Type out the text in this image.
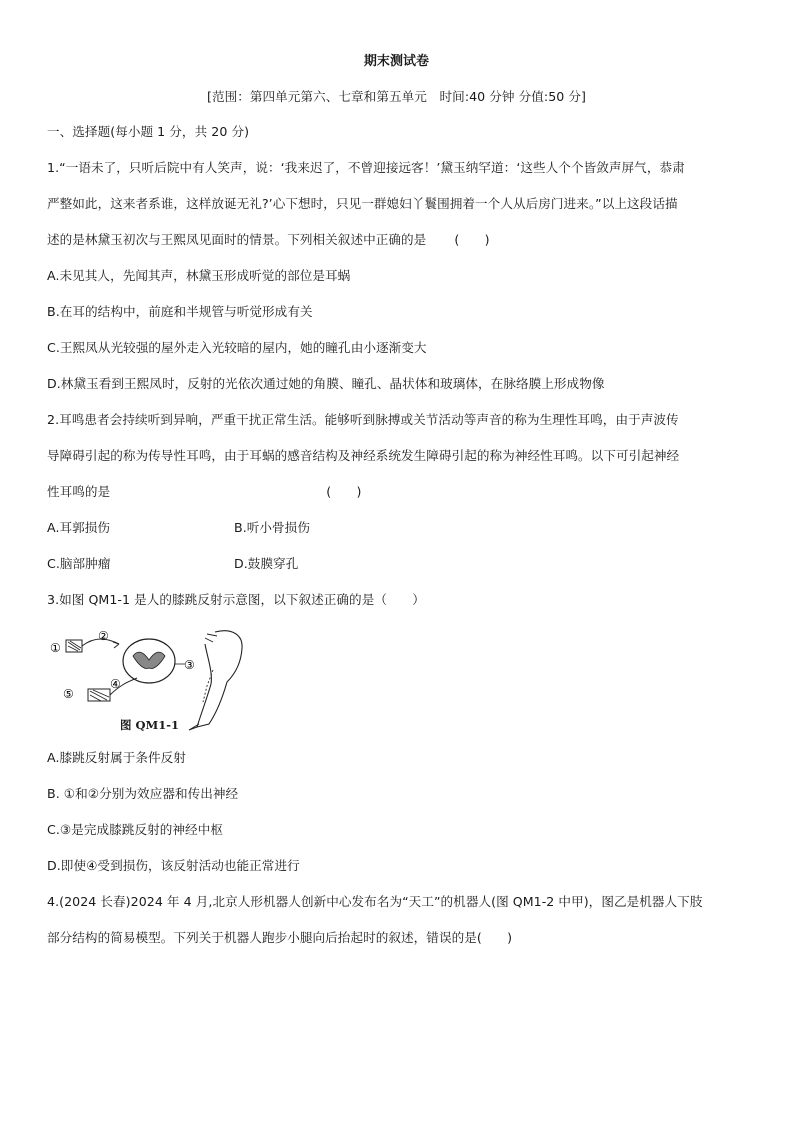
期末测试卷
[范围：第四单元第六、七章和第五单元　时间:40 分钟 分值:50 分]
一、选择题(每小题 1 分，共 20 分)
1.“一语未了，只听后院中有人笑声，说：‘我来迟了，不曾迎接远客！’黛玉纳罕道：‘这些人个个皆敛声屏气，恭肃
严整如此，这来者系谁，这样放诞无礼?’心下想时，只见一群媳妇丫鬟围拥着一个人从后房门进来。”以上这段话描
述的是林黛玉初次与王熙凤见面时的情景。下列相关叙述中正确的是 (　　)
A.未见其人，先闻其声，林黛玉形成听觉的部位是耳蜗
B.在耳的结构中，前庭和半规管与听觉形成有关
C.王熙凤从光较强的屋外走入光较暗的屋内，她的瞳孔由小逐渐变大
D.林黛玉看到王熙凤时，反射的光依次通过她的角膜、瞳孔、晶状体和玻璃体，在脉络膜上形成物像
2.耳鸣患者会持续听到异响，严重干扰正常生活。能够听到脉搏或关节活动等声音的称为生理性耳鸣，由于声波传
导障碍引起的称为传导性耳鸣，由于耳蜗的感音结构及神经系统发生障碍引起的称为神经性耳鸣。以下可引起神经
性耳鸣的是	(　　)
A.耳郭损伤	B.听小骨损伤
C.脑部肿瘤	D.鼓膜穿孔
3.如图 QM1-1 是人的膝跳反射示意图，以下叙述正确的是（　　）
①
②
③
④
⑤
图 QM1-1
A.膝跳反射属于条件反射
B. ①和②分别为效应器和传出神经
C.③是完成膝跳反射的神经中枢
D.即使④受到损伤，该反射活动也能正常进行
4.(2024 长春)2024 年 4 月,北京人形机器人创新中心发布名为“天工”的机器人(图 QM1-2 中甲)，图乙是机器人下肢
部分结构的简易模型。下列关于机器人跑步小腿向后抬起时的叙述，错误的是(　　)
